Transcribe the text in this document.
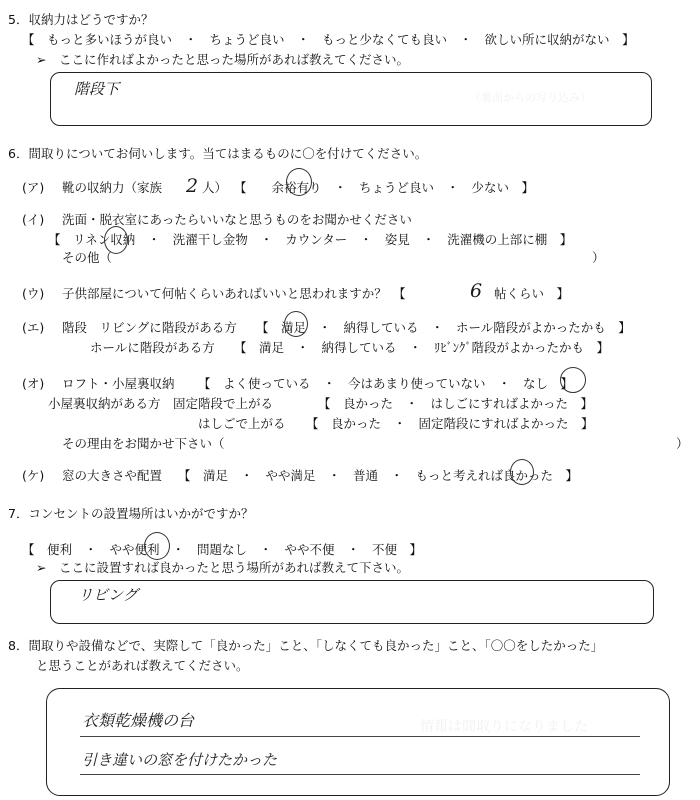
（裏面からの写り込み）
情報は間取りになりました
5．収納力はどうですか？
【　もっと多いほうが良い　・　ちょうど良い　・　もっと少なくても良い　・　欲しい所に収納がない　】
➢　ここに作ればよかったと思った場所があれば教えてください。
階段下
6．間取りについてお伺いします。当てはまるものに〇を付けてください。
(ア) 靴の収納力（家族 2 人） 【　　余裕有り　・　ちょうど良い　・　少ない　】
(イ) 洗面・脱衣室にあったらいいなと思うものをお聞かせください
【　リネン収納　・　洗濯干し金物　・　カウンター　・　姿見　・　洗濯機の上部に棚　】
その他（	）
(ウ) 子供部屋について何帖くらいあればいいと思われますか？　【	6 帖くらい　】
(エ) 階段　リビングに階段がある方 【　満足　・　納得している　・　ホール階段がよかったかも　】
ホールに階段がある方 【　満足　・　納得している　・　ﾘﾋﾞﾝｸﾞ階段がよかったかも　】
(オ) ロフト・小屋裏収納 【　よく使っている　・　今はあまり使っていない　・　なし　】
小屋裏収納がある方　固定階段で上がる	【　良かった　・　はしごにすればよかった　】
はしごで上がる 【　良かった　・　固定階段にすればよかった　】
その理由をお聞かせ下さい（	）
(ケ) 窓の大きさや配置 【　満足　・　やや満足　・　普通　・　もっと考えれば良かった　】
7．コンセントの設置場所はいかがですか？
【　便利　・　やや便利　・　問題なし　・　やや不便　・　不便　】
➢　ここに設置すれば良かったと思う場所があれば教えて下さい。
リビング
8．間取りや設備などで、実際して「良かった」こと、「しなくても良かった」こと、「〇〇をしたかった」
と思うことがあれば教えてください。
衣類乾燥機の台
引き違いの窓を付けたかった
